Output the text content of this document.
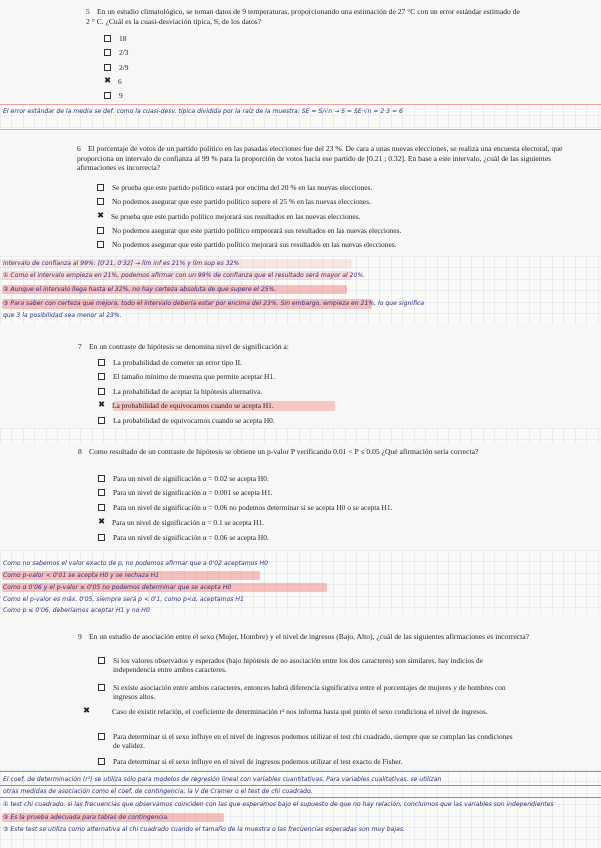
5 En un estudio climatológico, se toman datos de 9 temperaturas, proporcionando una estimación de 27 °C con un error estándar estimado de 2 ° C. ¿Cuál es la cuasi-desviación típica, S, de los datos?
18
2/3
2/9
✖ 6
9
El error estándar de la media se def. como la cuasi-desv. típica dividida por la raíz de la muestra: SE = S/√n → S = SE·√n = 2·3 = 6
6 El porcentaje de votos de un partido político en las pasadas elecciones fue del 23 %. De cara a unas nuevas elecciones, se realiza una encuesta electoral, que proporciona un intervalo de confianza al 99 % para la proporción de votos hacia ese partido de [0.21 ; 0.32]. En base a este intervalo, ¿cuál de las siguientes afirmaciones es incorrecta?
Se prueba que este partido político estará por encima del 20 % en las nuevas elecciones.
No podemos asegurar que este partido político supere el 25 % en las nuevas elecciones.
✖ Se prueba que este partido político mejorará sus resultados en las nuevas elecciones.
No podemos asegurar que este partido político empeorará sus resultados en las nuevas elecciones.
No podemos asegurar que este partido político mejorará sus resultados en las nuevas elecciones.
Intervalo de confianza al 99%: [0'21, 0'32] → lím inf es 21% y lím sup es 32%
① Como el intervalo empieza en 21%, podemos afirmar con un 99% de confianza que el resultado será mayor al 20%.
② Aunque el intervalo llega hasta el 32%, no hay certeza absoluta de que supere el 25%.
③ Para saber con certeza que mejora, todo el intervalo debería estar por encima del 23%. Sin embargo, empieza en 21%, lo que significa
que 3 la posibilidad sea menor al 23%.
7 En un contraste de hipótesis se denomina nivel de significación a:
La probabilidad de cometer un error tipo II.
El tamaño mínimo de muestra que permite aceptar H1.
La probabilidad de aceptar la hipótesis alternativa.
✖ La probabilidad de equivocarnos cuando se acepta H1.
La probabilidad de equivocarnos cuando se acepta H0.
8 Como resultado de un contraste de hipótesis se obtiene un p-valor P verificando 0.01 < P ≤ 0.05 ¿Qué afirmación sería correcta?
Para un nivel de significación α = 0.02 se acepta H0.
Para un nivel de significación α = 0.001 se acepta H1.
Para un nivel de significación α = 0.06 no podemos determinar si se acepta H0 o se acepta H1.
✖ Para un nivel de significación α = 0.1 se acepta H1.
Para un nivel de significación α = 0.06 se acepta H0.
Como no sabemos el valor exacto de p, no podemos afirmar que a 0'02 aceptamos H0
Como p-valor < 0'01 se acepta H0 y se rechaza H1
Como α 0'06 y el p-valor ≤ 0'05 no podemos determinar que se acepta H0
Como el p-valor es máx. 0'05, siempre será p < 0'1, como p<α, aceptamos H1
Como p ≤ 0'06, deberíamos aceptar H1 y no H0
9 En un estudio de asociación entre el sexo (Mujer, Hombre) y el nivel de ingresos (Bajo, Alto), ¿cuál de las siguientes afirmaciones es incorrecta?
Si los valores observados y esperados (bajo hipótesis de no asociación entre los dos caracteres) son similares, hay indicios de independencia entre ambos caracteres.
Si existe asociación entre ambos caracteres, entonces habrá diferencia significativa entre el porcentajes de mujeres y de hombres con ingresos altos.
✖	Caso de existir relación, el coeficiente de determinación r² nos informa hasta qué punto el sexo condiciona el nivel de ingresos.
Para determinar si el sexo influye en el nivel de ingresos podemos utilizar el test chi cuadrado, siempre que se cumplan las condiciones de validez.
Para determinar si el sexo influye en el nivel de ingresos podemos utilizar el test exacto de Fisher.
El coef. de determinación (r²) se utiliza sólo para modelos de regresión lineal con variables cuantitativas. Para variables cualitativas, se utilizan
otras medidas de asociación como el coef. de contingencia, la V de Cramer o el test de chi cuadrado.
① test chi cuadrado, si las frecuencias que observamos coinciden con las que esperamos bajo el supuesto de que no hay relación, concluimos que las variables son independientes
② Es la prueba adecuada para tablas de contingencia.
③ Este test se utiliza como alternativa al chi cuadrado cuando el tamaño de la muestra o las frecuencias esperadas son muy bajas.
